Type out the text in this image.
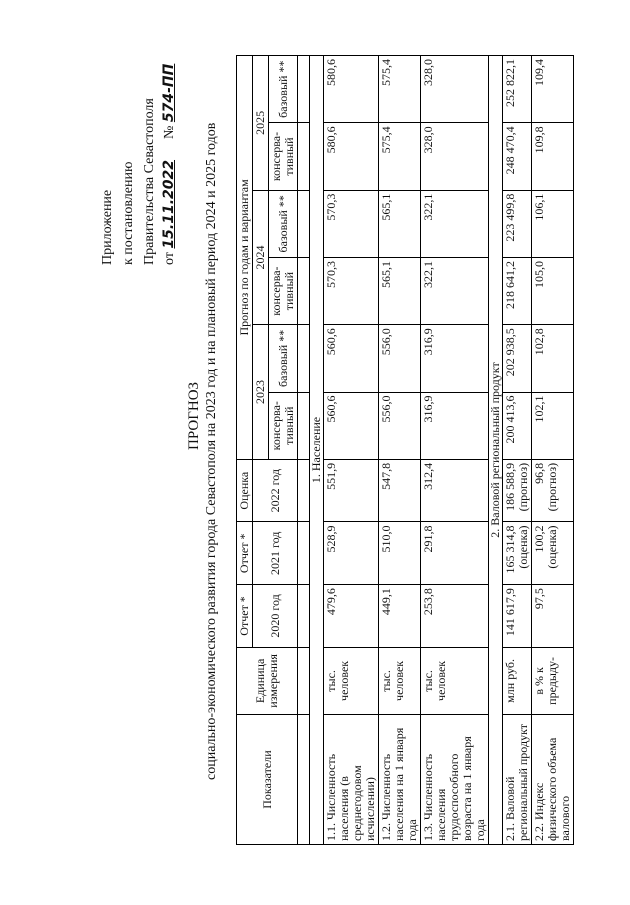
Приложение к постановлению Правительства Севастополя от 15.11.2022      № 574-ПП
ПРОГНОЗ социально-экономического развития города Севастополя на 2023 год и на плановый период 2024 и 2025 годов	Показатели	Единица измерения	Отчет *	Отчет *	Оценка	Прогноз по годам и вариантам					
		2020 год	2021 год	2022 год	2023		2024		2025	
					консерва-тивный	базовый **	консерва-тивный	базовый **	консерва-тивный	базовый **

1. Население										
1.1. Численность населения (в среднегодовом исчислении)	тыс. человек	479,6	528,9	551,9	560,6	560,6	570,3	570,3	580,6	580,6
1.2. Численность населения на 1 января года	тыс. человек	449,1	510,0	547,8	556,0	556,0	565,1	565,1	575,4	575,4
1.3. Численность населения трудоспособного возраста на 1 января года	тыс. человек	253,8	291,8	312,4	316,9	316,9	322,1	322,1	328,0	328,0
2. Валовой региональный продукт										
2.1. Валовой региональный продукт	млн руб.	141 617,9	165 314,8 (оценка)	186 588,9 (прогноз)	200 413,6	202 938,5	218 641,2	223 499,8	248 470,4	252 822,1
2.2. Индекс физического объема валового	в % к предыду-	97,5	100,2 (оценка)	96,8 (прогноз)	102,1	102,8	105,0	106,1	109,8	109,4
